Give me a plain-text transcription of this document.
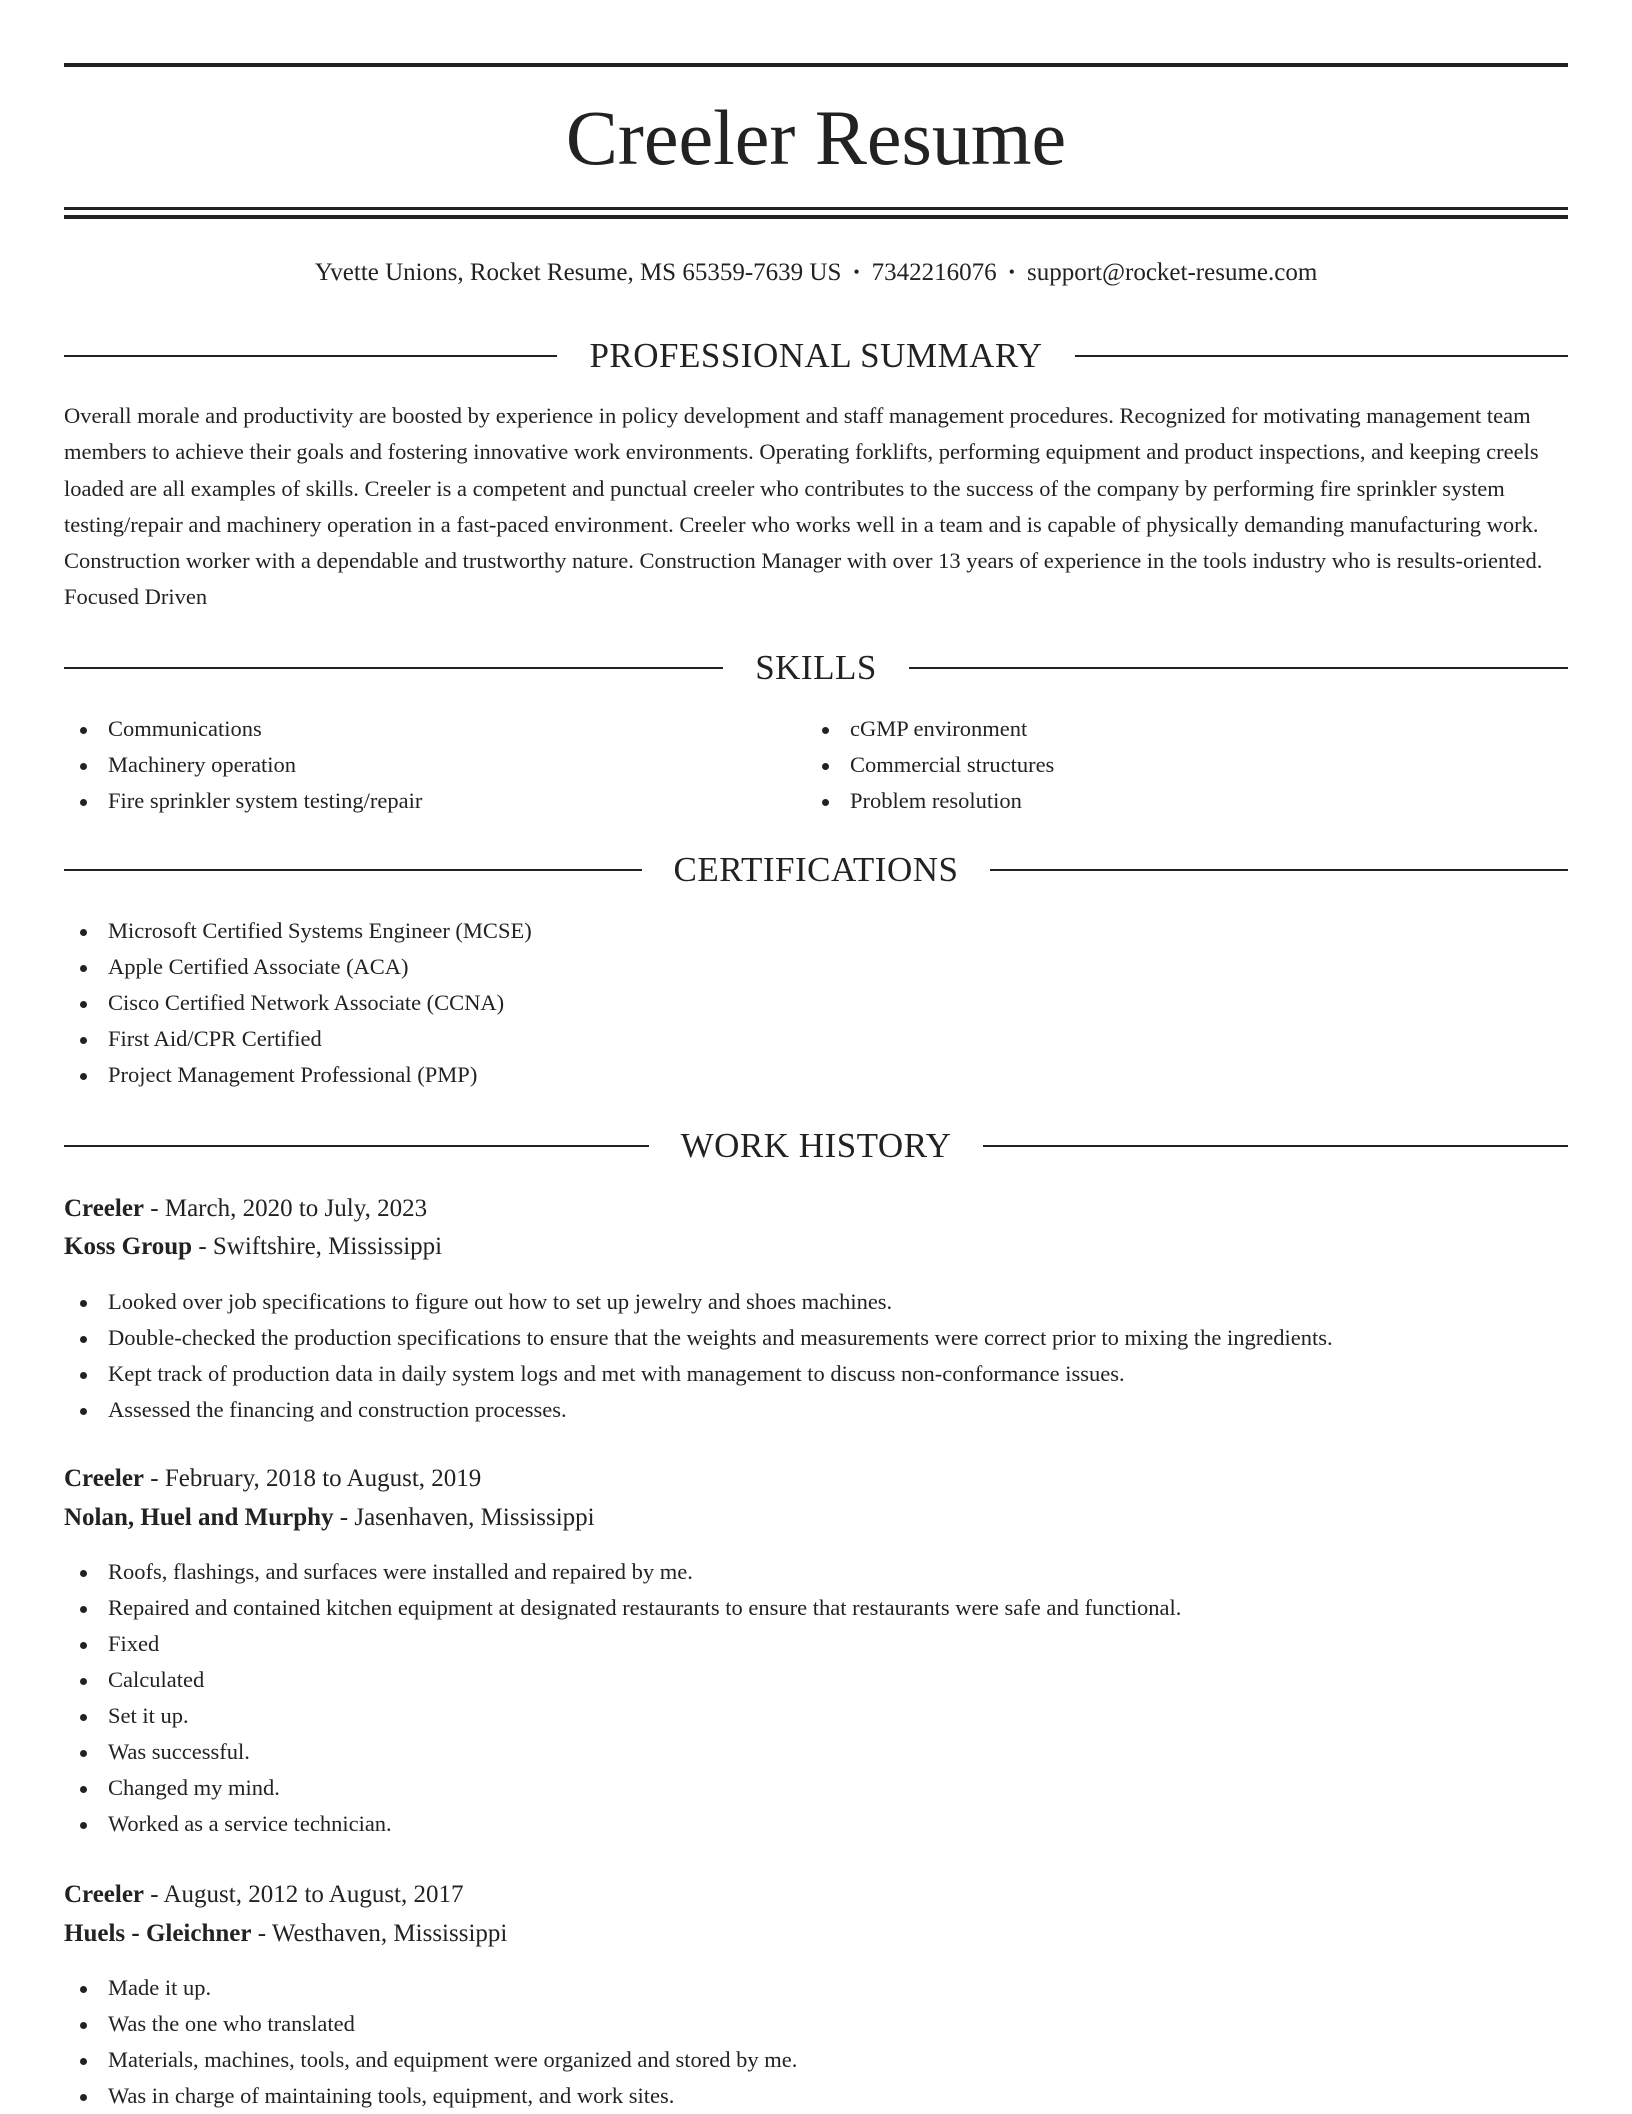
Creeler Resume
Yvette Unions, Rocket Resume, MS 65359-7639 US • 7342216076 • support@rocket-resume.com
PROFESSIONAL SUMMARY
Overall morale and productivity are boosted by experience in policy development and staff management procedures. Recognized for motivating management team members to achieve their goals and fostering innovative work environments. Operating forklifts, performing equipment and product inspections, and keeping creels loaded are all examples of skills. Creeler is a competent and punctual creeler who contributes to the success of the company by performing fire sprinkler system testing/repair and machinery operation in a fast-paced environment. Creeler who works well in a team and is capable of physically demanding manufacturing work. Construction worker with a dependable and trustworthy nature. Construction Manager with over 13 years of experience in the tools industry who is results-oriented. Focused Driven
SKILLS
Communications
Machinery operation
Fire sprinkler system testing/repair
cGMP environment
Commercial structures
Problem resolution
CERTIFICATIONS
Microsoft Certified Systems Engineer (MCSE)
Apple Certified Associate (ACA)
Cisco Certified Network Associate (CCNA)
First Aid/CPR Certified
Project Management Professional (PMP)
WORK HISTORY
Creeler - March, 2020 to July, 2023
Koss Group - Swiftshire, Mississippi
Looked over job specifications to figure out how to set up jewelry and shoes machines.
Double-checked the production specifications to ensure that the weights and measurements were correct prior to mixing the ingredients.
Kept track of production data in daily system logs and met with management to discuss non-conformance issues.
Assessed the financing and construction processes.
Creeler - February, 2018 to August, 2019
Nolan, Huel and Murphy - Jasenhaven, Mississippi
Roofs, flashings, and surfaces were installed and repaired by me.
Repaired and contained kitchen equipment at designated restaurants to ensure that restaurants were safe and functional.
Fixed
Calculated
Set it up.
Was successful.
Changed my mind.
Worked as a service technician.
Creeler - August, 2012 to August, 2017
Huels - Gleichner - Westhaven, Mississippi
Made it up.
Was the one who translated
Materials, machines, tools, and equipment were organized and stored by me.
Was in charge of maintaining tools, equipment, and work sites.
